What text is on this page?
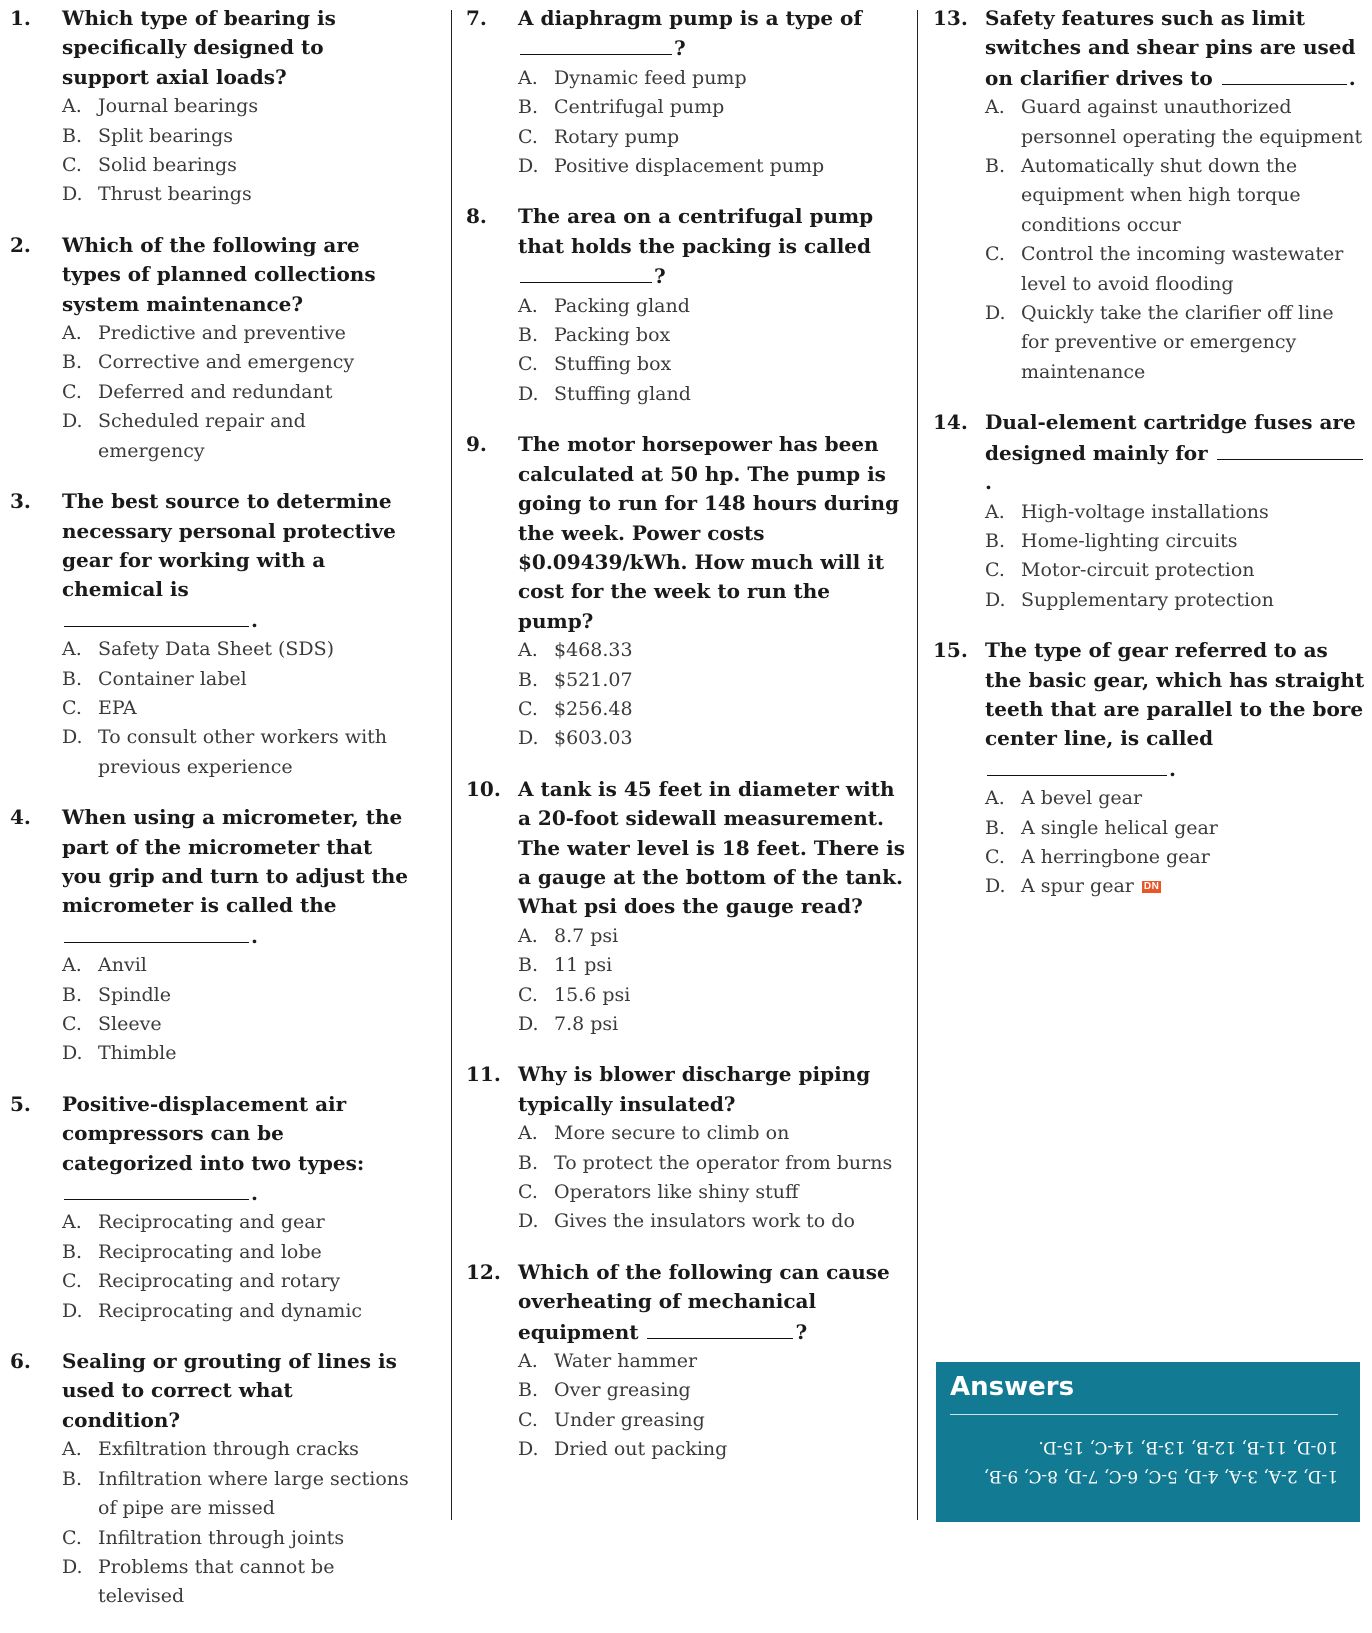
1.	Which type of bearing is specifically designed to support axial loads?
A. Journal bearings
B. Split bearings
C. Solid bearings
D. Thrust bearings
2.	Which of the following are types of planned collections system maintenance?
A. Predictive and preventive
B. Corrective and emergency
C. Deferred and redundant
D. Scheduled repair and emergency
3.	The best source to determine necessary personal protective gear for working with a chemical is
.
A. Safety Data Sheet (SDS)
B. Container label
C. EPA
D. To consult other workers with previous experience
4.	When using a micrometer, the part of the micrometer that you grip and turn to adjust the micrometer is called the
.
A. Anvil
B. Spindle
C. Sleeve
D. Thimble
5.	Positive-displacement air compressors can be categorized into two types: .
A. Reciprocating and gear
B. Reciprocating and lobe
C. Reciprocating and rotary
D. Reciprocating and dynamic
6.	Sealing or grouting of lines is used to correct what condition?
A. Exfiltration through cracks
B. Infiltration where large sections of pipe are missed
C. Infiltration through joints
D. Problems that cannot be televised
7.	A diaphragm pump is a type of ?
A. Dynamic feed pump
B. Centrifugal pump
C. Rotary pump
D. Positive displacement pump
8.	The area on a centrifugal pump that holds the packing is called
?
A. Packing gland
B. Packing box
C. Stuffing box
D. Stuffing gland
9.	The motor horsepower has been calculated at 50 hp. The pump is going to run for 148 hours during the week. Power costs $0.09439/kWh. How much will it cost for the week to run the pump?
A. $468.33
B. $521.07
C. $256.48
D. $603.03
10. A tank is 45 feet in diameter with a 20-foot sidewall measurement. The water level is 18 feet. There is a gauge at the bottom of the tank. What psi does the gauge read?
A. 8.7 psi
B. 11 psi
C. 15.6 psi
D. 7.8 psi
11. Why is blower discharge piping typically insulated?
A. More secure to climb on
B. To protect the operator from burns
C. Operators like shiny stuff
D. Gives the insulators work to do
12. Which of the following can cause overheating of mechanical equipment	?
A. Water hammer
B. Over greasing
C. Under greasing
D. Dried out packing
13. Safety features such as limit switches and shear pins are used on clarifier drives to	.
A. Guard against unauthorized personnel operating the equipment
B. Automatically shut down the equipment when high torque conditions occur
C. Control the incoming wastewater level to avoid flooding
D. Quickly take the clarifier off line for preventive or emergency maintenance
14. Dual-element cartridge fuses are designed mainly for .
A. High-voltage installations
B. Home-lighting circuits
C. Motor-circuit protection
D. Supplementary protection
15. The type of gear referred to as the basic gear, which has straight teeth that are parallel to the bore center line, is called .
A. A bevel gear
B. A single helical gear
C. A herringbone gear
D. A spur gear DN
Answers
1-D, 2-A, 3-A, 4-D, 5-C, 6-C, 7-D, 8-C, 9-B,
10-D, 11-B, 12-B, 13-B, 14-C, 15-D.
